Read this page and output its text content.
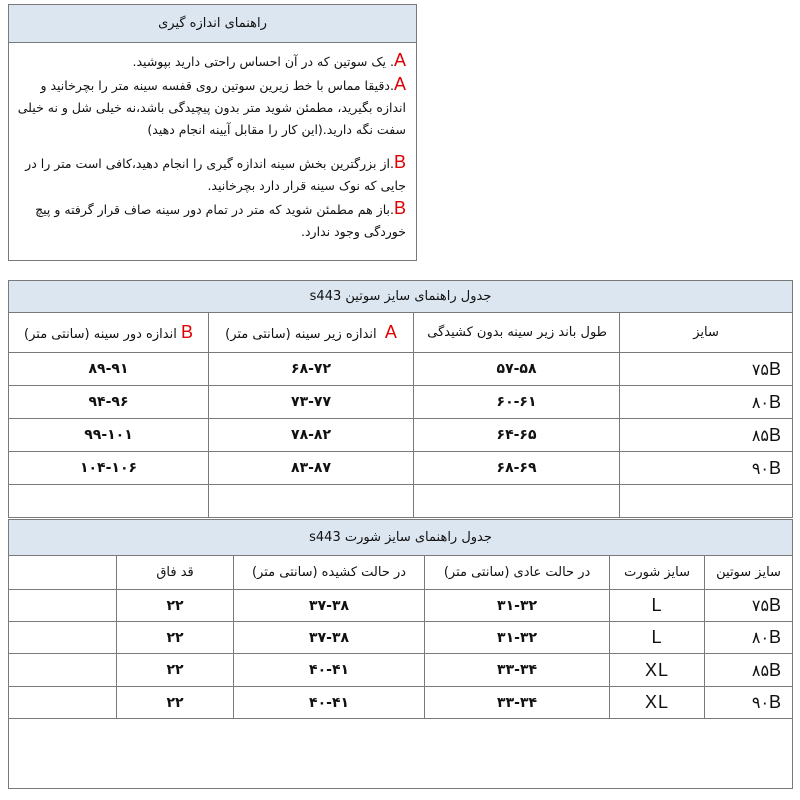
راهنمای اندازه گیری

A. یک سوتین که در آن احساس راحتی دارید بپوشید.

A.دقیقا مماس با خط زیرین سوتین روی قفسه سینه متر را بچرخانید و اندازه بگیرید، مطمئن شوید متر بدون پیچیدگی باشد،نه خیلی شل و نه خیلی سفت نگه دارید.(این کار را مقابل آیینه انجام دهید)

B.از بزرگترین بخش سینه اندازه گیری را انجام دهید،کافی است متر را در جایی که نوک سینه قرار دارد بچرخانید.

B.باز هم مطمئن شوید که متر در تمام دور سینه صاف قرار گرفته و پیچ خوردگی وجود ندارد.

جدول راهنمای سایز سوتین s443			
سایز	طول باند زیر سینه بدون کشیدگی	A  اندازه زیر سینه (سانتی متر)	B اندازه دور سینه (سانتی متر)
۷۵B	۵۷-۵۸	۶۸-۷۲	۸۹-۹۱
۸۰B	۶۰-۶۱	۷۳-۷۷	۹۴-۹۶
۸۵B	۶۴-۶۵	۷۸-۸۲	۹۹-۱۰۱
۹۰B	۶۸-۶۹	۸۳-۸۷	۱۰۴-۱۰۶

جدول راهنمای سایز شورت s443					
سایز سوتین	سایز شورت	در حالت عادی (سانتی متر)	در حالت کشیده (سانتی متر)	قد فاق	
۷۵B	L	۳۱-۳۲	۳۷-۳۸	۲۲	
۸۰B	L	۳۱-۳۲	۳۷-۳۸	۲۲	
۸۵B	XL	۳۳-۳۴	۴۰-۴۱	۲۲	
۹۰B	XL	۳۳-۳۴	۴۰-۴۱	۲۲	
